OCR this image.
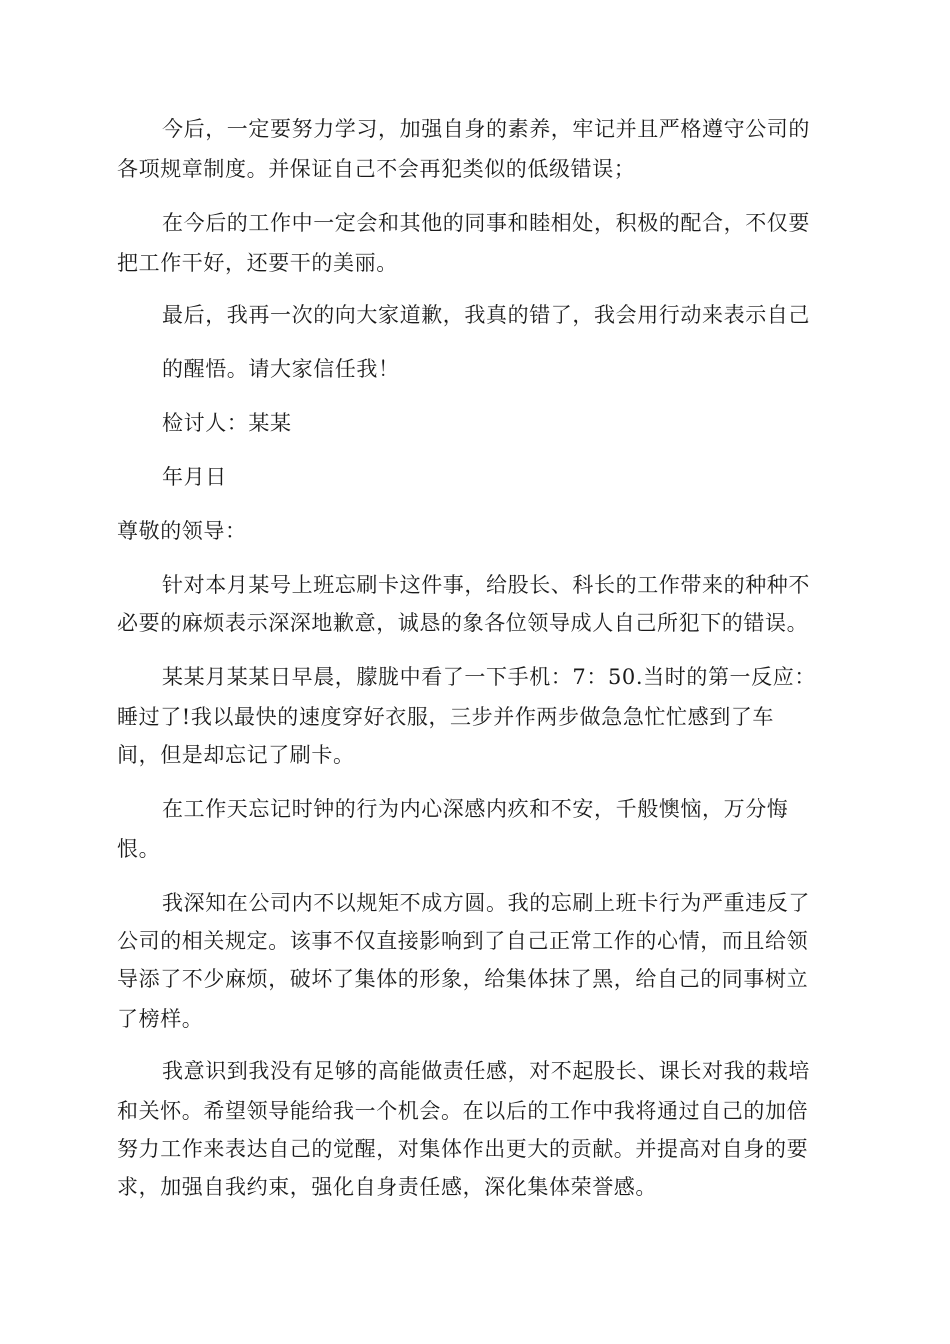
今后，一定要努力学习，加强自身的素养，牢记并且严格遵守公司的
各项规章制度。并保证自己不会再犯类似的低级错误；
在今后的工作中一定会和其他的同事和睦相处，积极的配合，不仅要
把工作干好，还要干的美丽。
最后，我再一次的向大家道歉，我真的错了，我会用行动来表示自己
的醒悟。请大家信任我！
检讨人：某某
年月日
尊敬的领导：
针对本月某号上班忘刷卡这件事，给股长、科长的工作带来的种种不
必要的麻烦表示深深地歉意，诚恳的象各位领导成人自己所犯下的错误。
某某月某某日早晨，朦胧中看了一下手机：7：50.当时的第一反应：
睡过了!我以最快的速度穿好衣服，三步并作两步做急急忙忙感到了车
间，但是却忘记了刷卡。
在工作天忘记时钟的行为内心深感内疚和不安，千般懊恼，万分悔
恨。
我深知在公司内不以规矩不成方圆。我的忘刷上班卡行为严重违反了
公司的相关规定。该事不仅直接影响到了自己正常工作的心情，而且给领
导添了不少麻烦，破坏了集体的形象，给集体抹了黑，给自己的同事树立
了榜样。
我意识到我没有足够的高能做责任感，对不起股长、课长对我的栽培
和关怀。希望领导能给我一个机会。在以后的工作中我将通过自己的加倍
努力工作来表达自己的觉醒，对集体作出更大的贡献。并提高对自身的要
求，加强自我约束，强化自身责任感，深化集体荣誉感。
